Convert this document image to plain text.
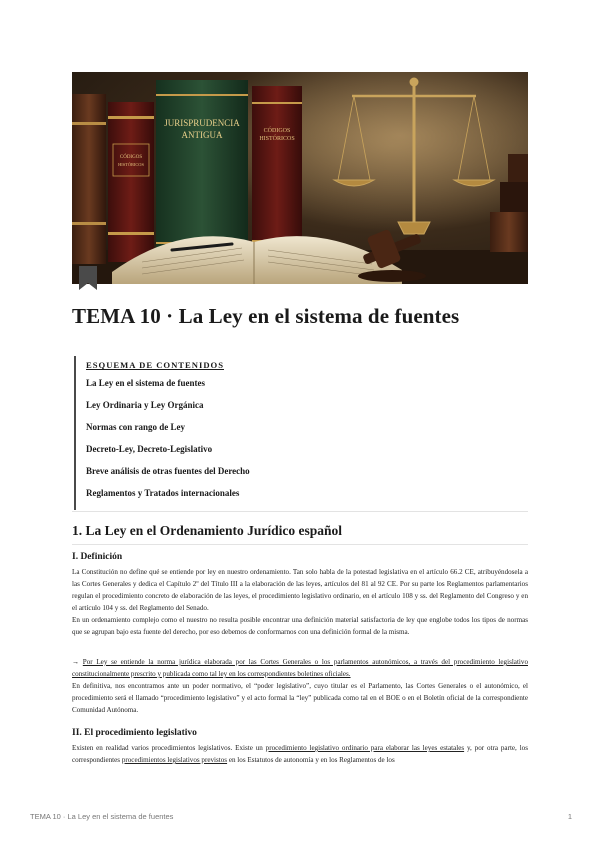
CÓDIGOS
HISTÓRICOS
JURISPRUDENCIA
ANTIGUA	CÓDIGOS
HISTÓRICOS
TEMA 10 · La Ley en el sistema de fuentes
ESQUEMA DE CONTENIDOS
La Ley en el sistema de fuentes
Ley Ordinaria y Ley Orgánica
Normas con rango de Ley
Decreto-Ley, Decreto-Legislativo
Breve análisis de otras fuentes del Derecho
Reglamentos y Tratados internacionales
1. La Ley en el Ordenamiento Jurídico español
I. Definición

La Constitución no define qué se entiende por ley en nuestro ordenamiento. Tan solo habla de la potestad legislativa en el artículo 66.2 CE, atribuyéndosela a las Cortes Generales y dedica el Capítulo 2º del Título III a la elaboración de las leyes, artículos del 81 al 92 CE. Por su parte los Reglamentos parlamentarios regulan el procedimiento concreto de elaboración de las leyes, el procedimiento legislativo ordinario, en el artículo 108 y ss. del Reglamento del Congreso y en el artículo 104 y ss. del Reglamento del Senado.

En un ordenamiento complejo como el nuestro no resulta posible encontrar una definición material satisfactoria de ley que englobe todos los tipos de normas que se agrupan bajo esta fuente del derecho, por eso debemos de conformarnos con una definición formal de la misma.

→ Por Ley se entiende la norma jurídica elaborada por las Cortes Generales o los parlamentos autonómicos, a través del procedimiento legislativo constitucionalmente prescrito y publicada como tal ley en los correspondientes boletines oficiales.

En definitiva, nos encontramos ante un poder normativo, el “poder legislativo”, cuyo titular es el Parlamento, las Cortes Generales o el autonómico, el procedimiento será el llamado “procedimiento legislativo” y el acto formal la “ley” publicada como tal en el BOE o en el Boletín oficial de la correspondiente Comunidad Autónoma.

II. El procedimiento legislativo

Existen en realidad varios procedimientos legislativos. Existe un procedimiento legislativo ordinario para elaborar las leyes estatales y, por otra parte, los correspondientes procedimientos legislativos previstos en los Estatutos de autonomía y en los Reglamentos de los

TEMA 10 · La Ley en el sistema de fuentes	1
